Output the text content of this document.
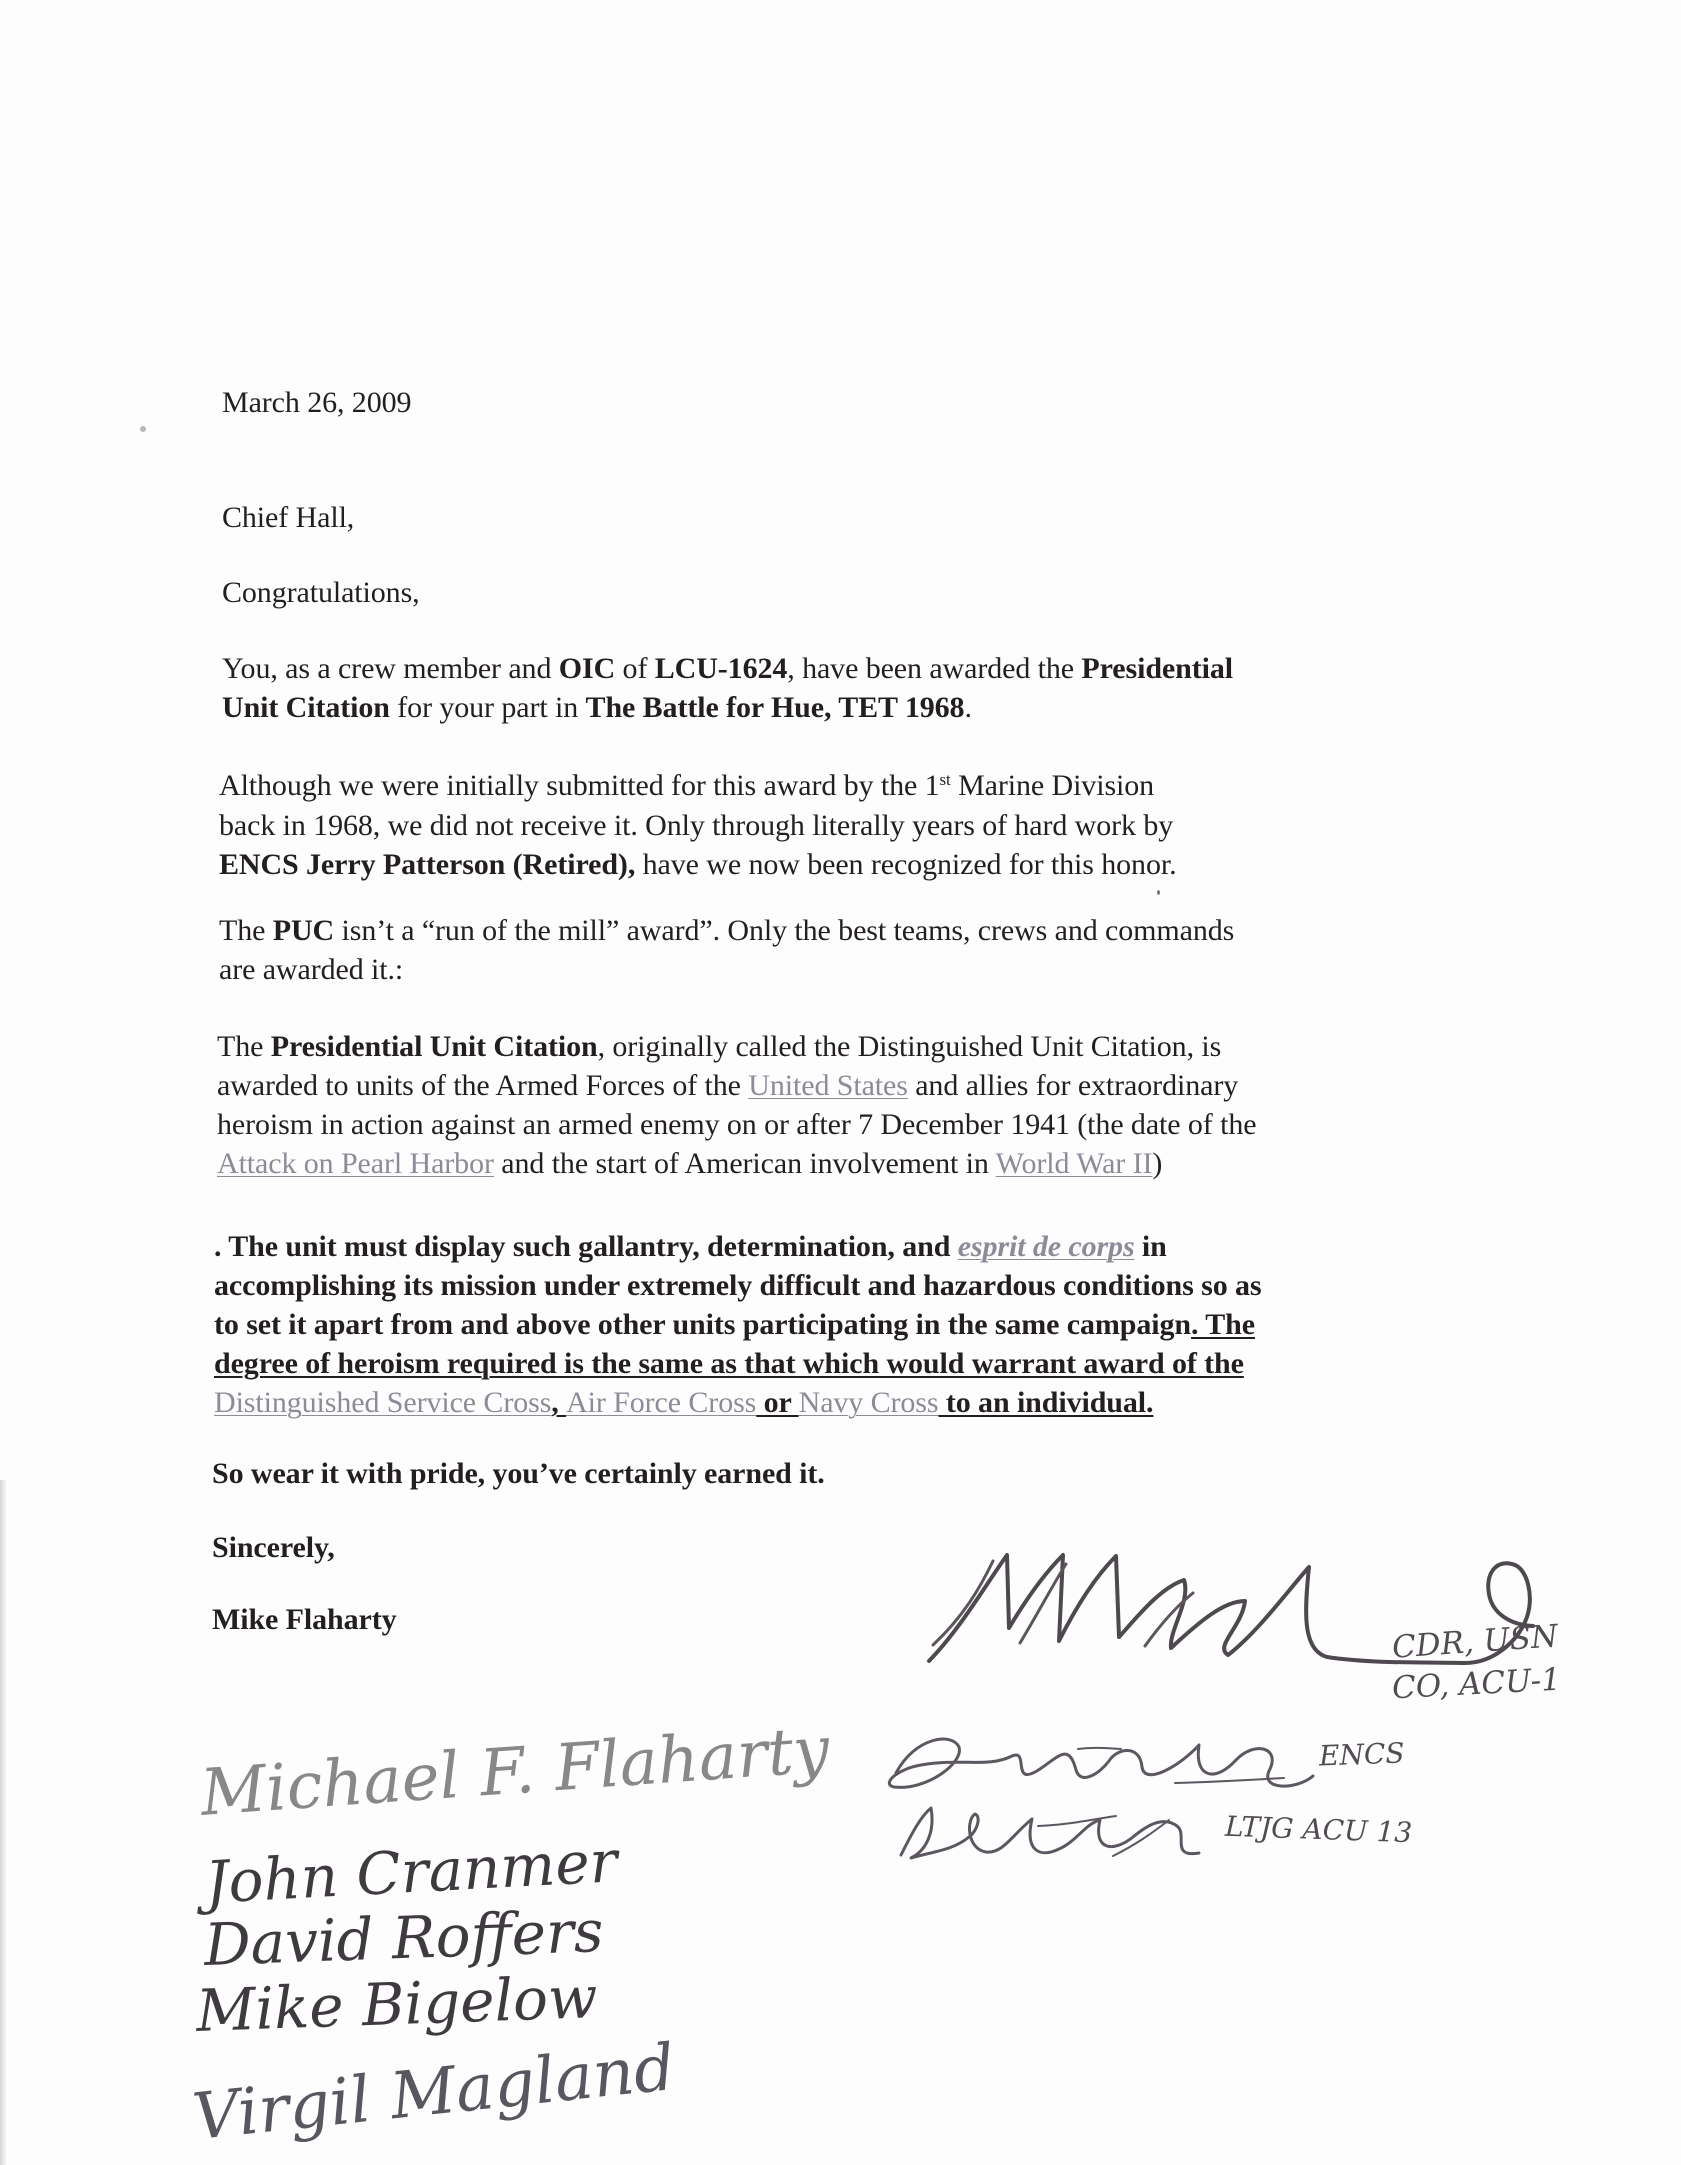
March 26, 2009
Chief Hall,
Congratulations,
You, as a crew member and OIC of LCU-1624, have been awarded the Presidential
Unit Citation for your part in The Battle for Hue, TET 1968.
Although we were initially submitted for this award by the 1st Marine Division
back in 1968, we did not receive it. Only through literally years of hard work by
ENCS Jerry Patterson (Retired), have we now been recognized for this honor.
The PUC isn’t a “run of the mill” award”. Only the best teams, crews and commands
are awarded it.:
The Presidential Unit Citation, originally called the Distinguished Unit Citation, is
awarded to units of the Armed Forces of the United States and allies for extraordinary
heroism in action against an armed enemy on or after 7 December 1941 (the date of the
Attack on Pearl Harbor and the start of American involvement in World War II)
. The unit must display such gallantry, determination, and esprit de corps in
accomplishing its mission under extremely difficult and hazardous conditions so as
to set it apart from and above other units participating in the same campaign. The
degree of heroism required is the same as that which would warrant award of the
Distinguished Service Cross, Air Force Cross or Navy Cross to an individual.
So wear it with pride, you’ve certainly earned it.
Sincerely,
Mike Flaharty	CDR, USN
CO, ACU-1
ENCS
LTJG ACU 13
Michael F. Flaharty
John Cranmer
David Roffers
Mike Bigelow
Virgil Magland
